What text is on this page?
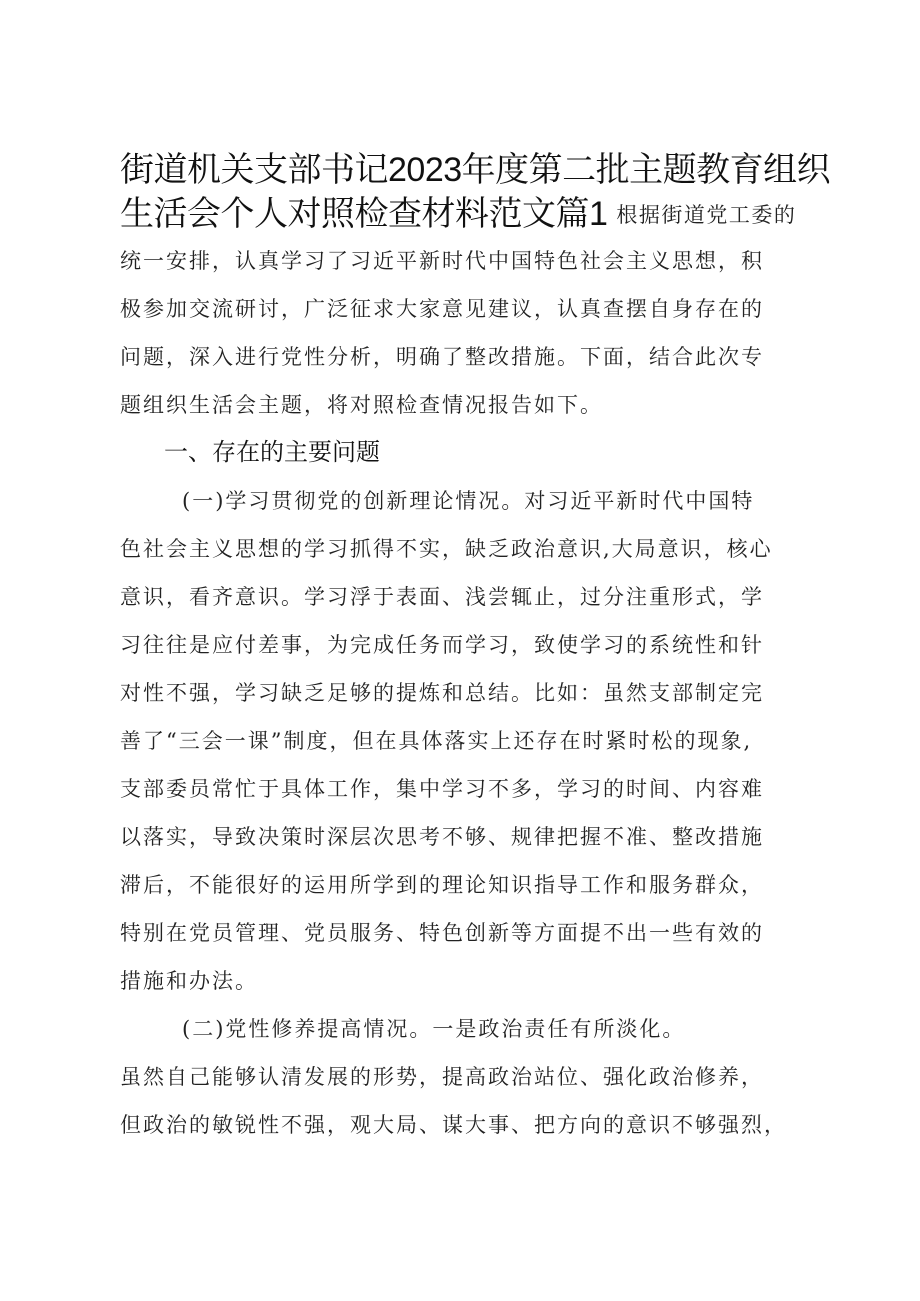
街道机关支部书记2023年度第二批主题教育组织
生活会个人对照检查材料范文篇1 根据街道党工委的
统一安排，认真学习了习近平新时代中国特色社会主义思想，积
极参加交流研讨，广泛征求大家意见建议，认真查摆自身存在的
问题，深入进行党性分析，明确了整改措施。下面，结合此次专
题组织生活会主题，将对照检查情况报告如下。
一、存在的主要问题
(一)学习贯彻党的创新理论情况。对习近平新时代中国特
色社会主义思想的学习抓得不实，缺乏政治意识,大局意识，核心
意识，看齐意识。学习浮于表面、浅尝辄止，过分注重形式，学
习往往是应付差事，为完成任务而学习，致使学习的系统性和针
对性不强，学习缺乏足够的提炼和总结。比如：虽然支部制定完
善了“三会一课”制度，但在具体落实上还存在时紧时松的现象,
支部委员常忙于具体工作，集中学习不多，学习的时间、内容难
以落实，导致决策时深层次思考不够、规律把握不准、整改措施
滞后，不能很好的运用所学到的理论知识指导工作和服务群众，
特别在党员管理、党员服务、特色创新等方面提不出一些有效的
措施和办法。
(二)党性修养提高情况。一是政治责任有所淡化。
虽然自己能够认清发展的形势，提高政治站位、强化政治修养，
但政治的敏锐性不强，观大局、谋大事、把方向的意识不够强烈，
